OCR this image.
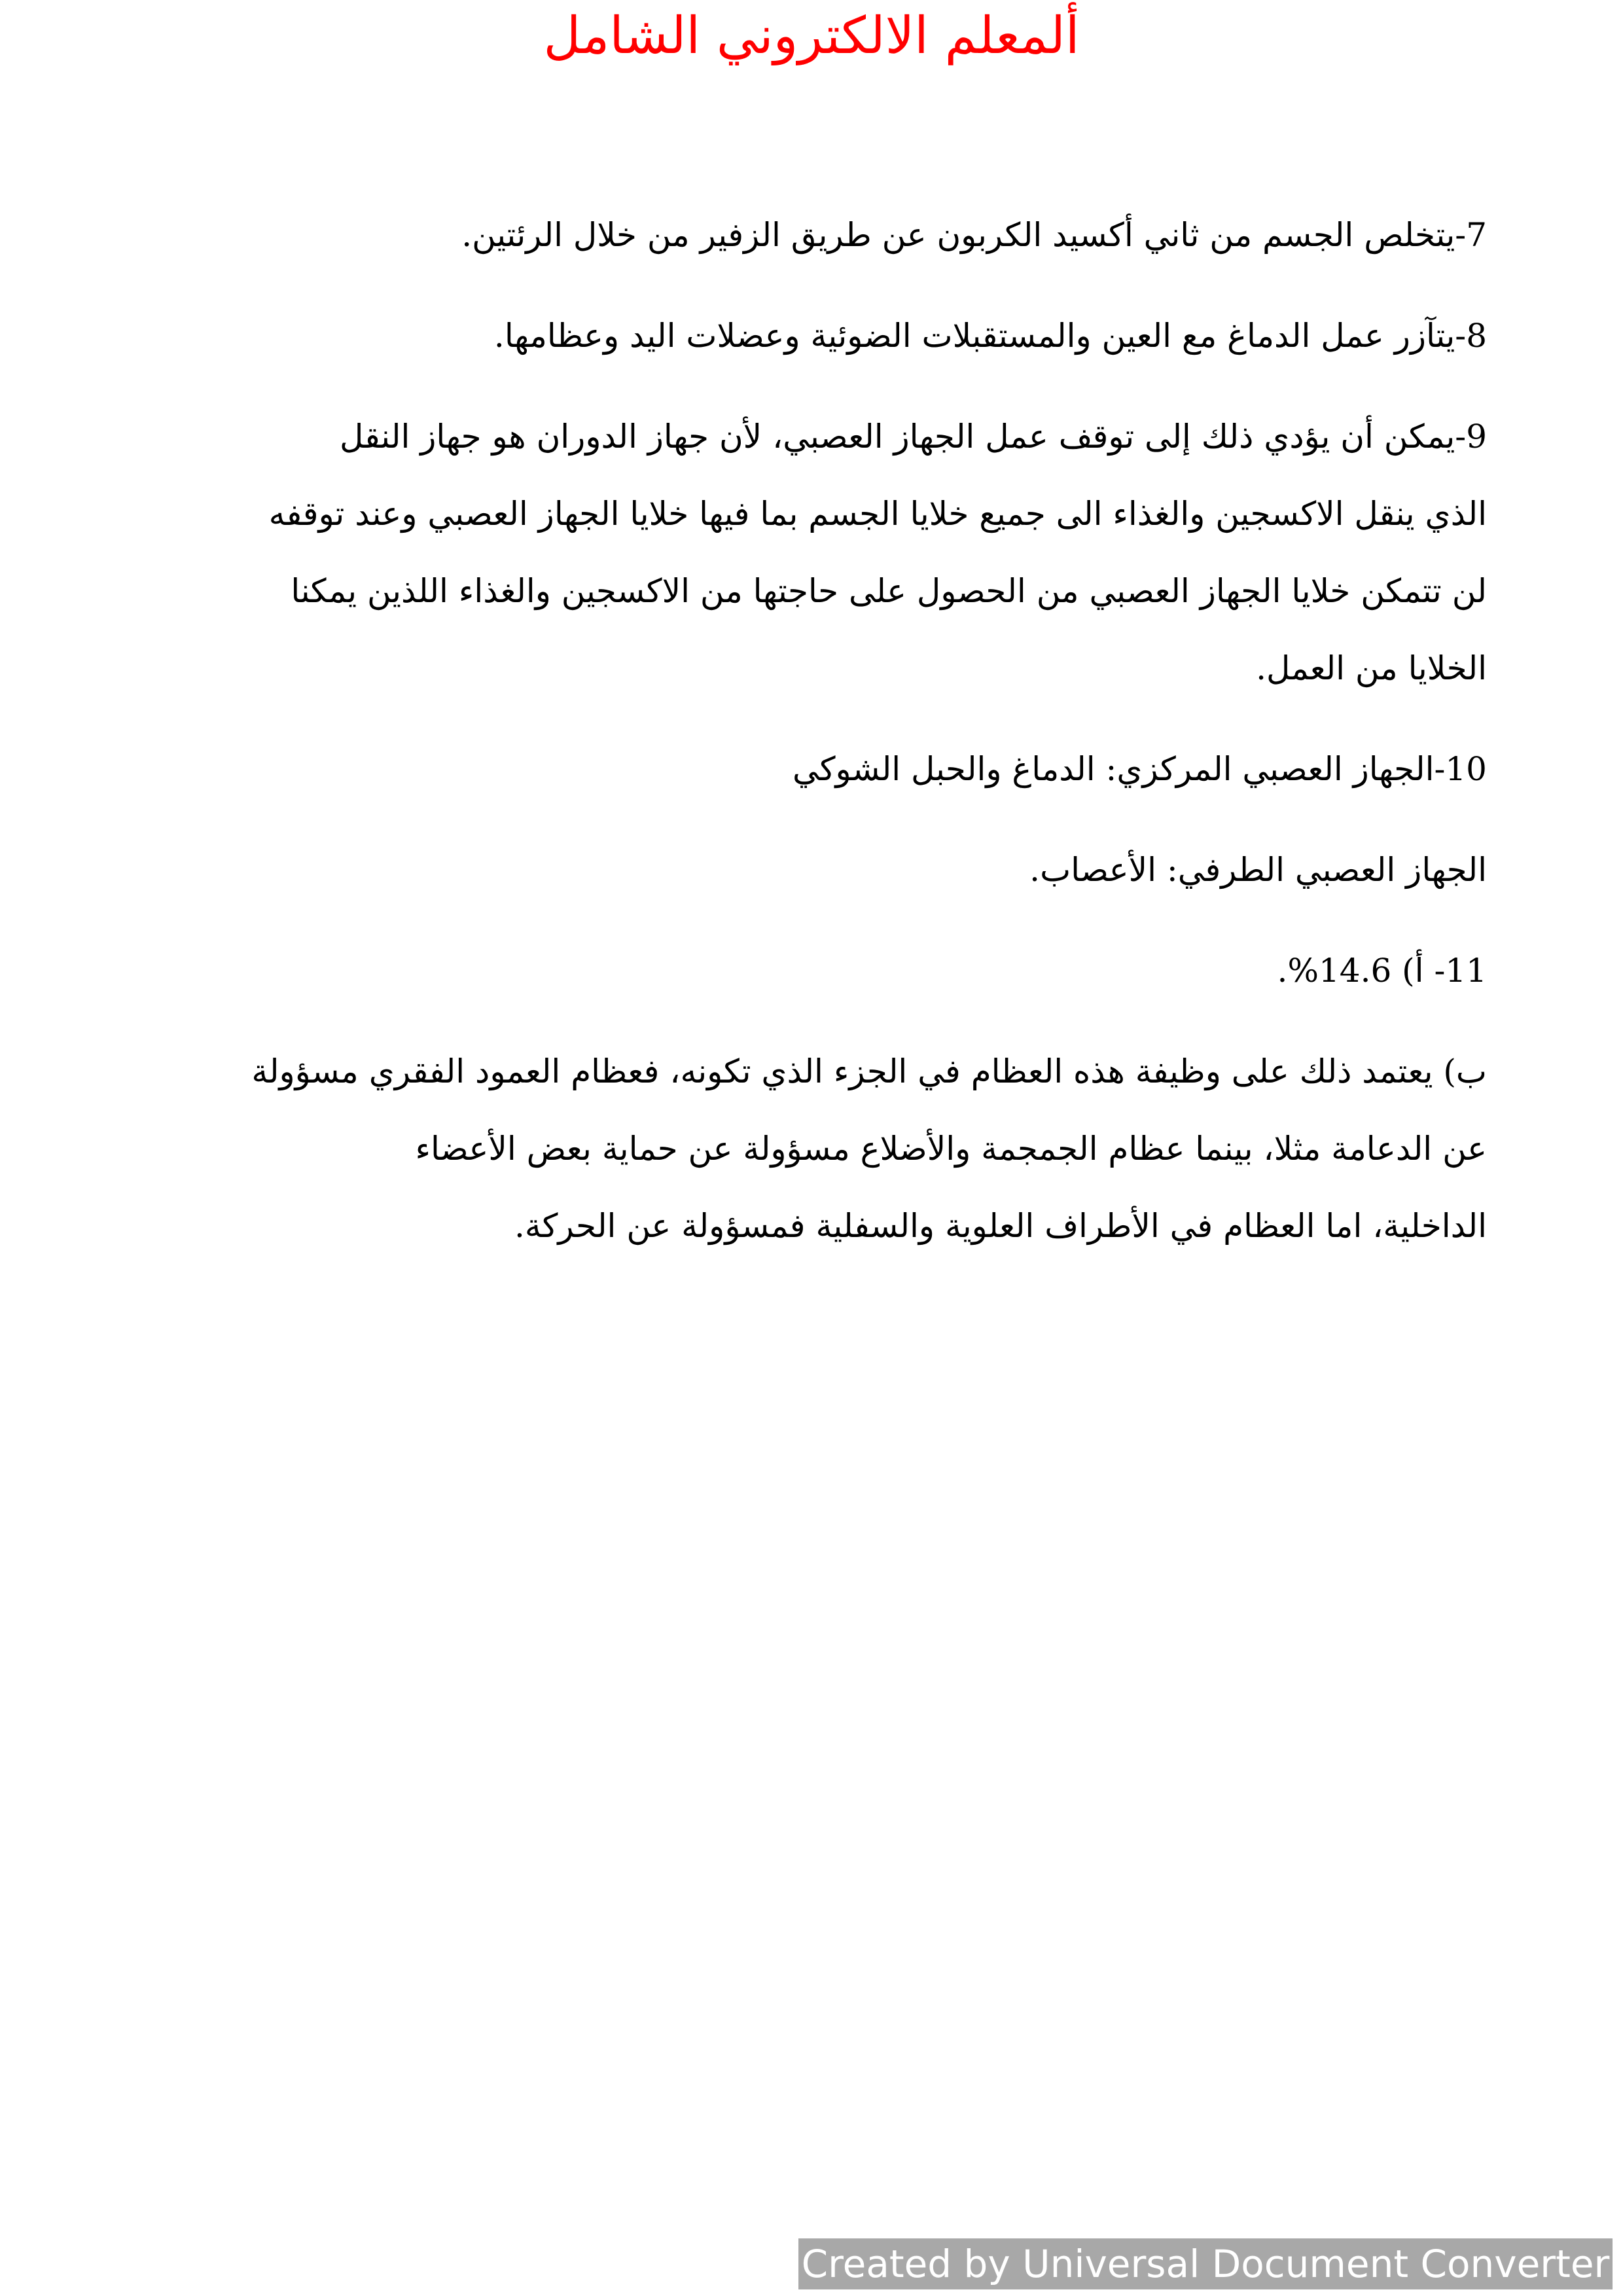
ألمعلم الالكتروني الشامل
7-يتخلص الجسم من ثاني أكسيد الكربون عن طريق الزفير من خلال الرئتين.
8-يتآزر عمل الدماغ مع العين والمستقبلات الضوئية وعضلات اليد وعظامها.
9-يمكن أن يؤدي ذلك إلى توقف عمل الجهاز العصبي، لأن جهاز الدوران هو جهاز النقل
الذي ينقل الاكسجين والغذاء الى جميع خلايا الجسم بما فيها خلايا الجهاز العصبي وعند توقفه
لن تتمكن خلايا الجهاز العصبي من الحصول على حاجتها من الاكسجين والغذاء اللذين يمكنا
الخلايا من العمل.
10-الجهاز العصبي المركزي: الدماغ والحبل الشوكي
الجهاز العصبي الطرفي: الأعصاب.
11- أ) 14.6%.
ب) يعتمد ذلك على وظيفة هذه العظام في الجزء الذي تكونه، فعظام العمود الفقري مسؤولة
عن الدعامة مثلا، بينما عظام الجمجمة والأضلاع مسؤولة عن حماية بعض الأعضاء
الداخلية، اما العظام في الأطراف العلوية والسفلية فمسؤولة عن الحركة.
Created by Universal Document Converter
